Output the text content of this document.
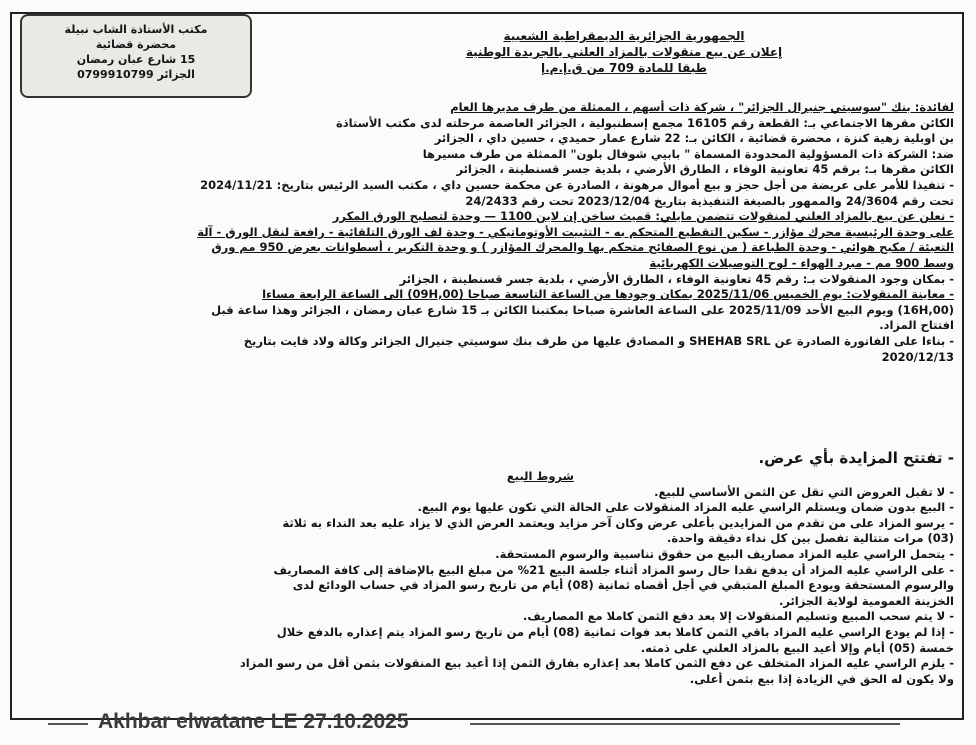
مكتب الأستاذة الشاب نبيلة
محضرة قضائية
15 شارع عبان رمضان
الجزائر 0799910799
الجمهورية الجزائرية الديمقراطية الشعبية
إعلان عن بيع منقولات بالمزاد العلني بالجريدة الوطنية
طبقا للمادة 709 من ق.إ.م.إ

لفائدة: بنك "سوسيتي جنيرال الجزائر" ، شركة ذات أسهم ، الممثلة من طرف مديرها العام

الكائن مقرها الاجتماعي بـ: القطعة رقم 16105 مجمع إسطنبولية ، الجزائر العاصمة مرحلته لدى مكتب الأستاذة

بن اوبلية زهية كنزة ، محضرة قضائية ، الكائن بـ: 22 شارع عمار حميدي ، حسين داي ، الجزائر

ضد: الشركة ذات المسؤولية المحدودة المسماة " بابيي شوفال بلون" الممثلة من طرف مسيرها

الكائن مقرها بـ: برقم 45 تعاونية الوفاء ، الطارق الأرضي ، بلدية جسر قسنطينة ، الجزائر

- تنفيذا للأمر على عريضة من أجل حجز و بيع أموال مرهونة ، الصادرة عن محكمة حسين داي ، مكتب السيد الرئيس بتاريخ: 2024/11/21

تحت رقم 24/3604 والممهور بالصيغة التنفيذية بتاريخ 2023/12/04 تحت رقم 24/2433

- نعلن عن بيع بالمزاد العلني لمنقولات تتضمن مايلي: قميث ساخن إن لاين 1100 — وحدة لتصليح الورق المكرر

على وحدة الرئيسية محرك مؤازر - سكين التقطيع المتحكم به - التثبيت الأوتوماتيكي - وحدة لف الورق التلقائية - رافعة لنقل الورق - آلة

التعبئة / مكبح هوائي - وحدة الطباعة ( من نوع الصفائح متحكم بها والمحرك المؤازر ) و وحدة التكرير ، أسطوانات بعرض 950 مم ورق

وسط 900 مم - مبرد الهواء - لوح التوصيلات الكهربائية

- بمكان وجود المنقولات بـ: رقم 45 تعاونية الوفاء ، الطارق الأرضي ، بلدية جسر قسنطينة ، الجزائر

- معاينة المنقولات: يوم الخميس 2025/11/06 بمكان وجودها من الساعة التاسعة صباحا (09H,00) الى الساعة الرابعة مساءا

(16H,00) ويوم البيع الأحد 2025/11/09 على الساعة العاشرة صباحا بمكتبنا الكائن بـ 15 شارع عبان رمضان ، الجزائر وهذا ساعة قبل

افتتاح المزاد.

- بناءا على الفاتورة الصادرة عن SHEHAB SRL و المصادق عليها من طرف بنك سوسيتي جنيرال الجزائر وكالة ولاد فايت بتاريخ

2020/12/13

- تفتتح المزايدة بأي عرض.

شروط البيع

- لا تقبل العروض التي تقل عن الثمن الأساسي للبيع.

- البيع بدون ضمان ويستلم الراسي عليه المزاد المنقولات على الحالة التي تكون عليها يوم البيع.

- يرسو المزاد على من تقدم من المزايدين بأعلى عرض وكان آخر مزايد ويعتمد العرض الذي لا يزاد عليه بعد النداء به ثلاثة

(03) مرات متتالية تفصل بين كل نداء دقيقة واحدة.

- يتحمل الراسي عليه المزاد مصاريف البيع من حقوق تناسبية والرسوم المستحقة.

- على الراسي عليه المزاد أن يدفع نقدا حال رسو المزاد أثناء جلسة البيع 21% من مبلغ البيع بالإضافة إلى كافة المصاريف

والرسوم المستحقة ويودع المبلغ المتبقي في أجل أقصاه ثمانية (08) أيام من تاريخ رسو المزاد في حساب الودائع لدى

الخزينة العمومية لولاية الجزائر.

- لا يتم سحب المبيع وتسليم المنقولات إلا بعد دفع الثمن كاملا مع المصاريف.

- إذا لم يودع الراسي عليه المزاد باقي الثمن كاملا بعد فوات ثمانية (08) أيام من تاريخ رسو المزاد يتم إعذاره بالدفع خلال

خمسة (05) أيام وإلا أعيد البيع بالمزاد العلني على ذمته.

- يلزم الراسي عليه المزاد المتخلف عن دفع الثمن كاملا بعد إعذاره بفارق الثمن إذا أعيد بيع المنقولات بثمن أقل من رسو المزاد

ولا يكون له الحق في الزيادة إذا بيع بثمن أعلى.

Akhbar elwatane LE 27.10.2025
